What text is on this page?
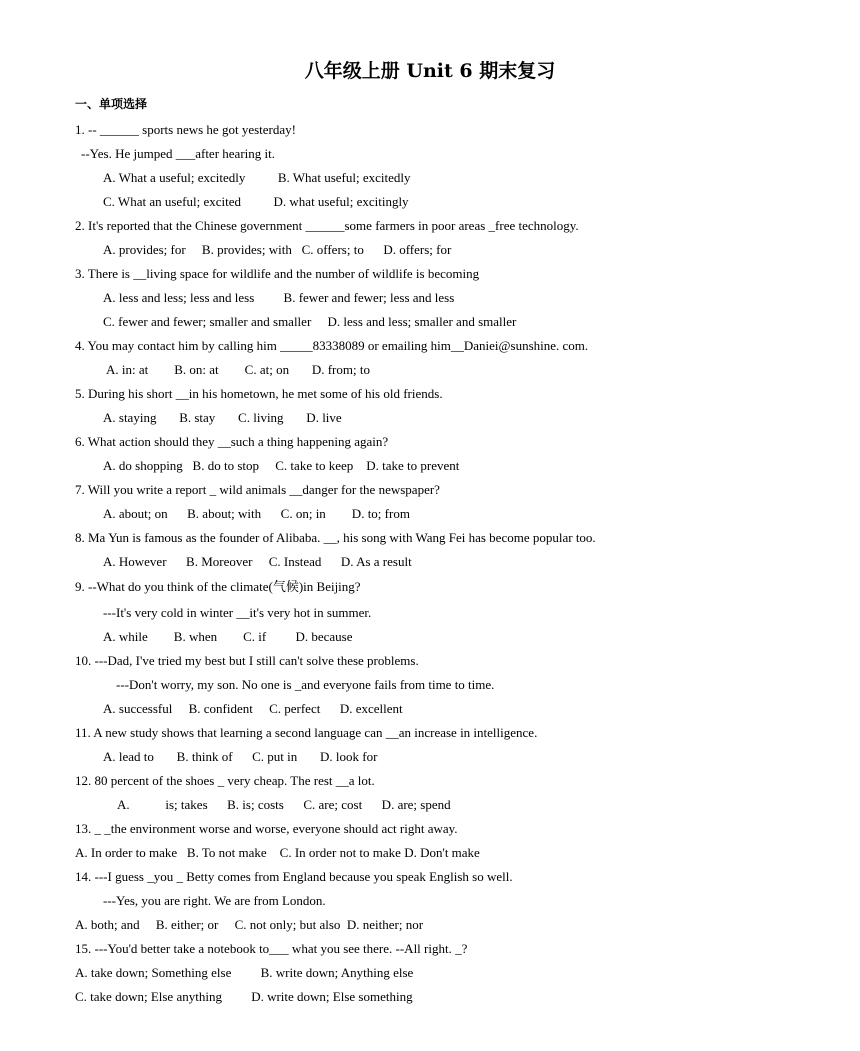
八年级上册 Unit 6 期末复习
一、单项选择
1. -- ______ sports news he got yesterday!
--Yes. He jumped ___after hearing it.
A. What a useful; excitedly          B. What useful; excitedly
C. What an useful; excited          D. what useful; excitingly
2. It's reported that the Chinese government ______some farmers in poor areas _free technology.
A. provides; for     B. provides; with   C. offers; to      D. offers; for
3. There is __living space for wildlife and the number of wildlife is becoming
A. less and less; less and less         B. fewer and fewer; less and less
C. fewer and fewer; smaller and smaller     D. less and less; smaller and smaller
4. You may contact him by calling him _____83338089 or emailing him__Daniei@sunshine. com.
A. in: at        B. on: at        C. at; on       D. from; to
5. During his short __in his hometown, he met some of his old friends.
A. staying       B. stay       C. living       D. live
6. What action should they __such a thing happening again?
A. do shopping   B. do to stop     C. take to keep    D. take to prevent
7. Will you write a report _ wild animals __danger for the newspaper?
A. about; on      B. about; with      C. on; in        D. to; from
8. Ma Yun is famous as the founder of Alibaba. __, his song with Wang Fei has become popular too.
A. However      B. Moreover     C. Instead      D. As a result
9. --What do you think of the climate(气候)in Beijing?
---It's very cold in winter __it's very hot in summer.
A. while        B. when        C. if         D. because
10. ---Dad, I've tried my best but I still can't solve these problems.
---Don't worry, my son. No one is _and everyone fails from time to time.
A. successful     B. confident     C. perfect      D. excellent
11. A new study shows that learning a second language can __an increase in intelligence.
A. lead to       B. think of      C. put in       D. look for
12. 80 percent of the shoes _ very cheap. The rest __a lot.
A.           is; takes      B. is; costs      C. are; cost      D. are; spend
13. _ _the environment worse and worse, everyone should act right away.
A. In order to make   B. To not make    C. In order not to make D. Don't make
14. ---I guess _you _ Betty comes from England because you speak English so well.
---Yes, you are right. We are from London.
A. both; and     B. either; or     C. not only; but also  D. neither; nor
15. ---You'd better take a notebook to___ what you see there. --All right. _?
A. take down; Something else         B. write down; Anything else
C. take down; Else anything         D. write down; Else something
